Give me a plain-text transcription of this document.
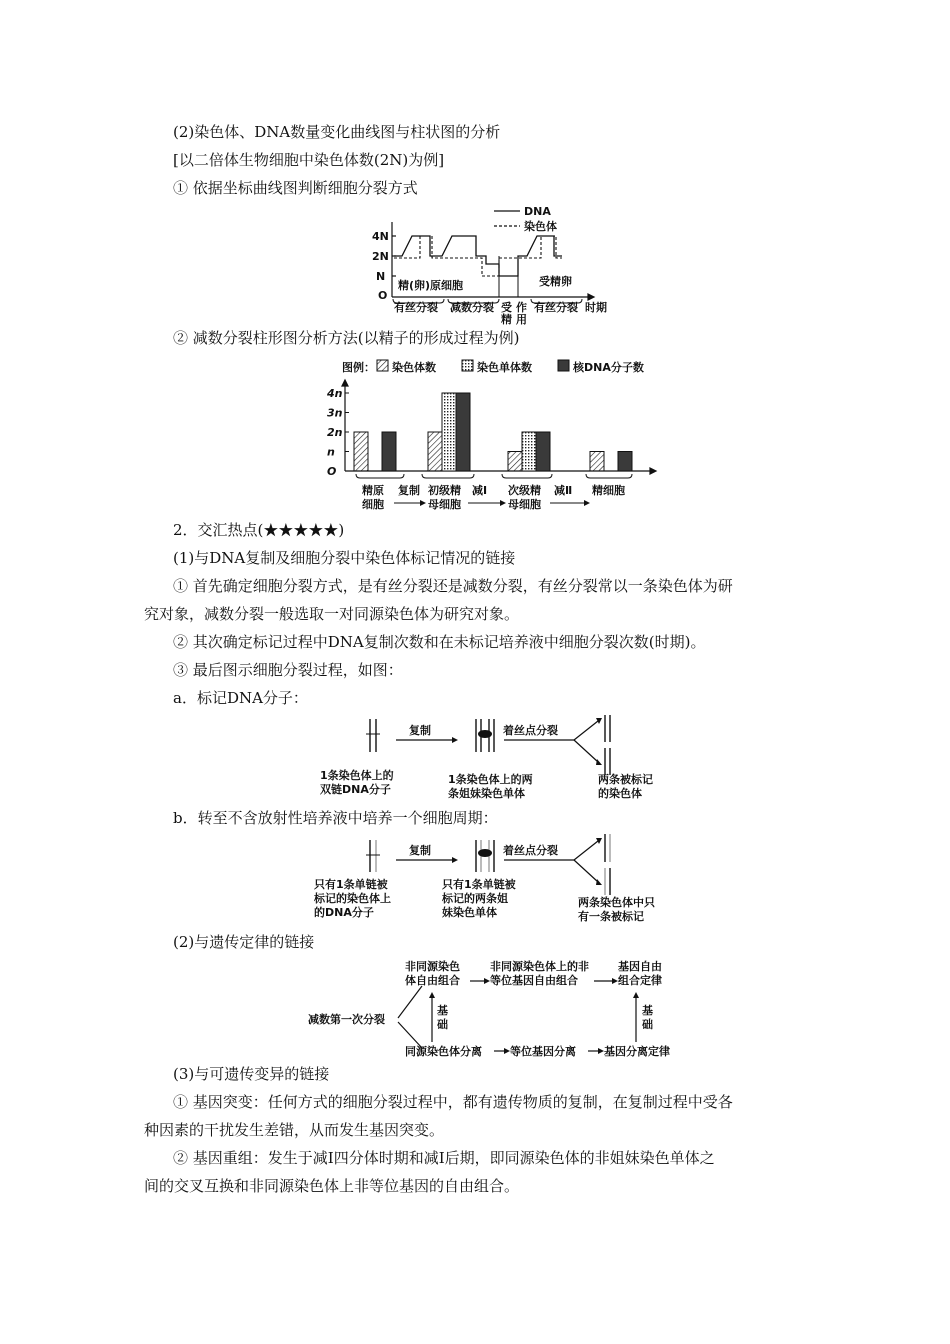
(2)染色体、DNA数量变化曲线图与柱状图的分析
[以二倍体生物细胞中染色体数(2N)为例]
① 依据坐标曲线图判断细胞分裂方式
4N
2N
N
O
DNA
染色体
精(卵)原细胞	受精卵
有丝分裂 减数分裂 受
精
作
用
有丝分裂 时期
② 减数分裂柱形图分析方法(以精子的形成过程为例)
图例： 染色体数	染色单体数	核DNA分子数
4n
3n
2n
n
O
精原
细胞
初级精
母细胞
次级精
母细胞
精细胞
复制	减Ⅰ	减Ⅱ
2．交汇热点(★★★★★)
(1)与DNA复制及细胞分裂中染色体标记情况的链接
① 首先确定细胞分裂方式，是有丝分裂还是减数分裂，有丝分裂常以一条染色体为研
究对象，减数分裂一般选取一对同源染色体为研究对象。
② 其次确定标记过程中DNA复制次数和在未标记培养液中细胞分裂次数(时期)。
③ 最后图示细胞分裂过程，如图：
a．标记DNA分子：
复制	着丝点分裂
1条染色体上的
双链DNA分子
1条染色体上的两
条姐妹染色单体
两条被标记
的染色体
b．转至不含放射性培养液中培养一个细胞周期：
复制	着丝点分裂
只有1条单链被
标记的染色体上
的DNA分子
只有1条单链被
标记的两条姐
妹染色单体
两条染色体中只
有一条被标记
(2)与遗传定律的链接
减数第一次分裂
非同源染色
体自由组合
非同源染色体上的非
等位基因自由组合
基因自由
组合定律
基
础
基
础
同源染色体分离	等位基因分离	基因分离定律
(3)与可遗传变异的链接
① 基因突变：任何方式的细胞分裂过程中，都有遗传物质的复制，在复制过程中受各
种因素的干扰发生差错，从而发生基因突变。
② 基因重组：发生于减Ⅰ四分体时期和减Ⅰ后期，即同源染色体的非姐妹染色单体之
间的交叉互换和非同源染色体上非等位基因的自由组合。
